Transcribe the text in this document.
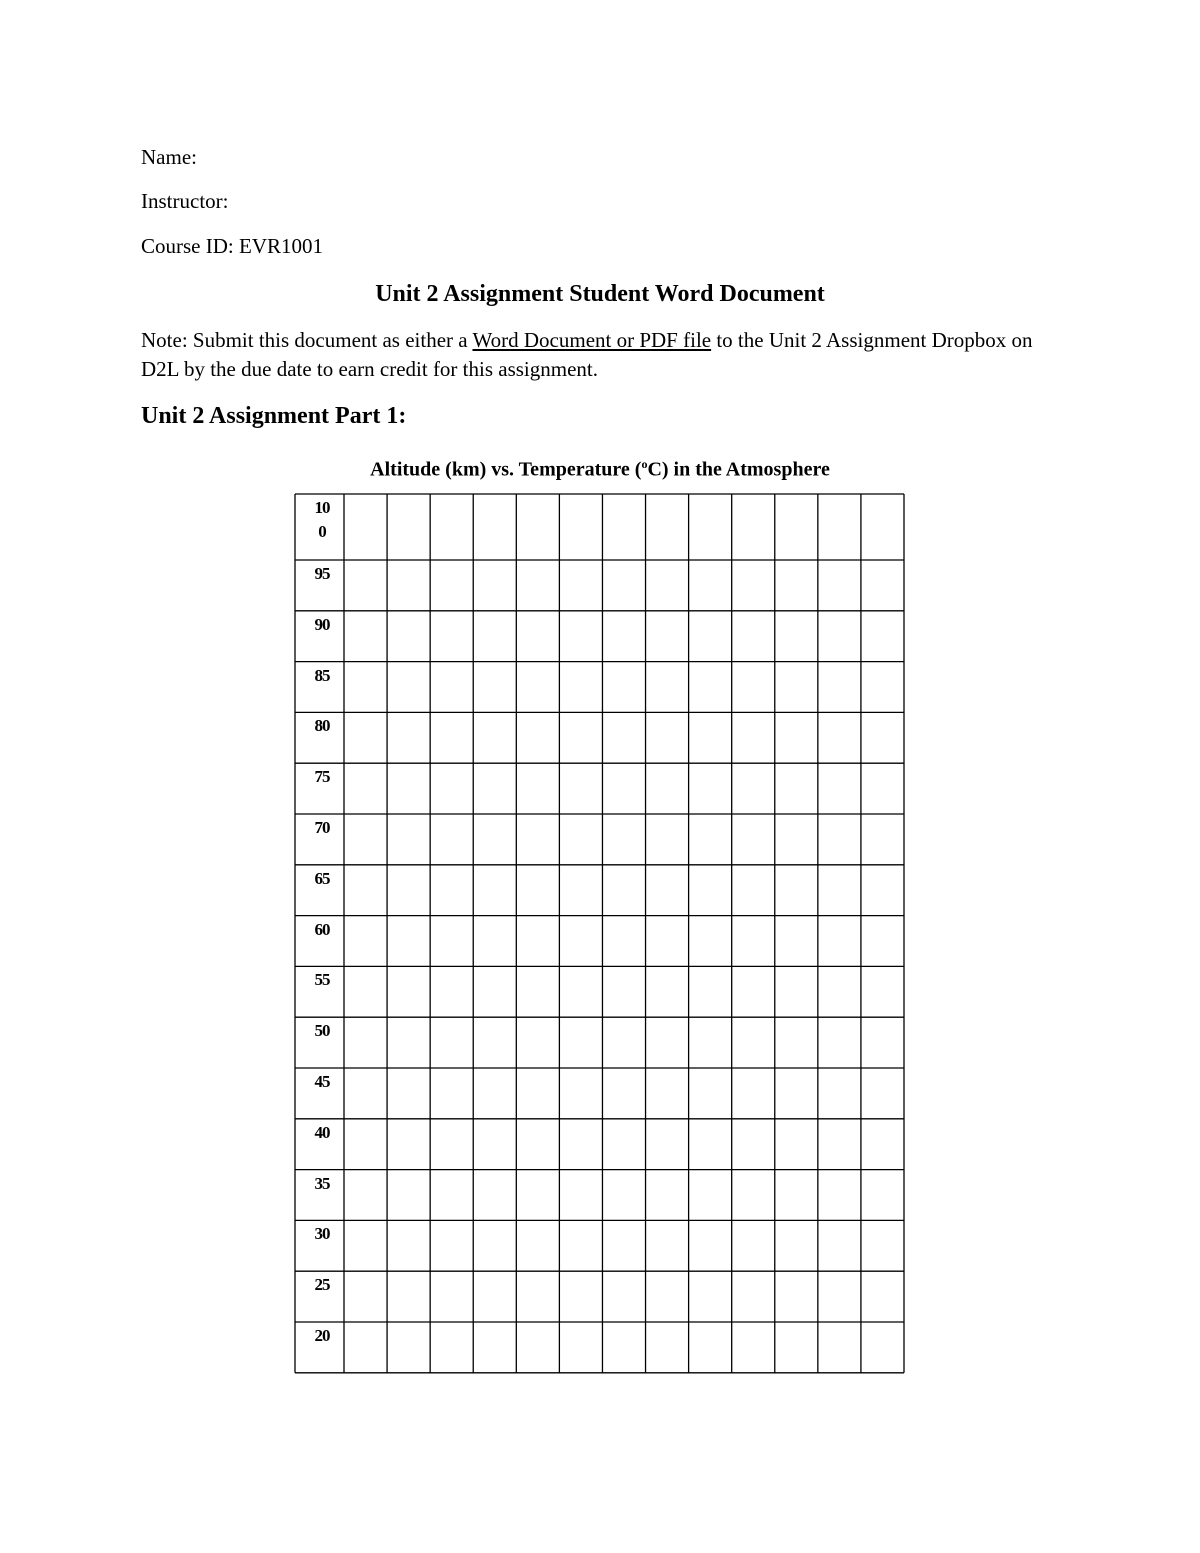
Name:
Instructor:
Course ID: EVR1001
Unit 2 Assignment Student Word Document
Note: Submit this document as either a Word Document or PDF file to the Unit 2 Assignment Dropbox on D2L by the due date to earn credit for this assignment.
Unit 2 Assignment Part 1:
Altitude (km) vs. Temperature ($^o$C) in the Atmosphere
10
0
95
90
85
80
75
70
65
60
55
50
45
40
35
30
25
20
